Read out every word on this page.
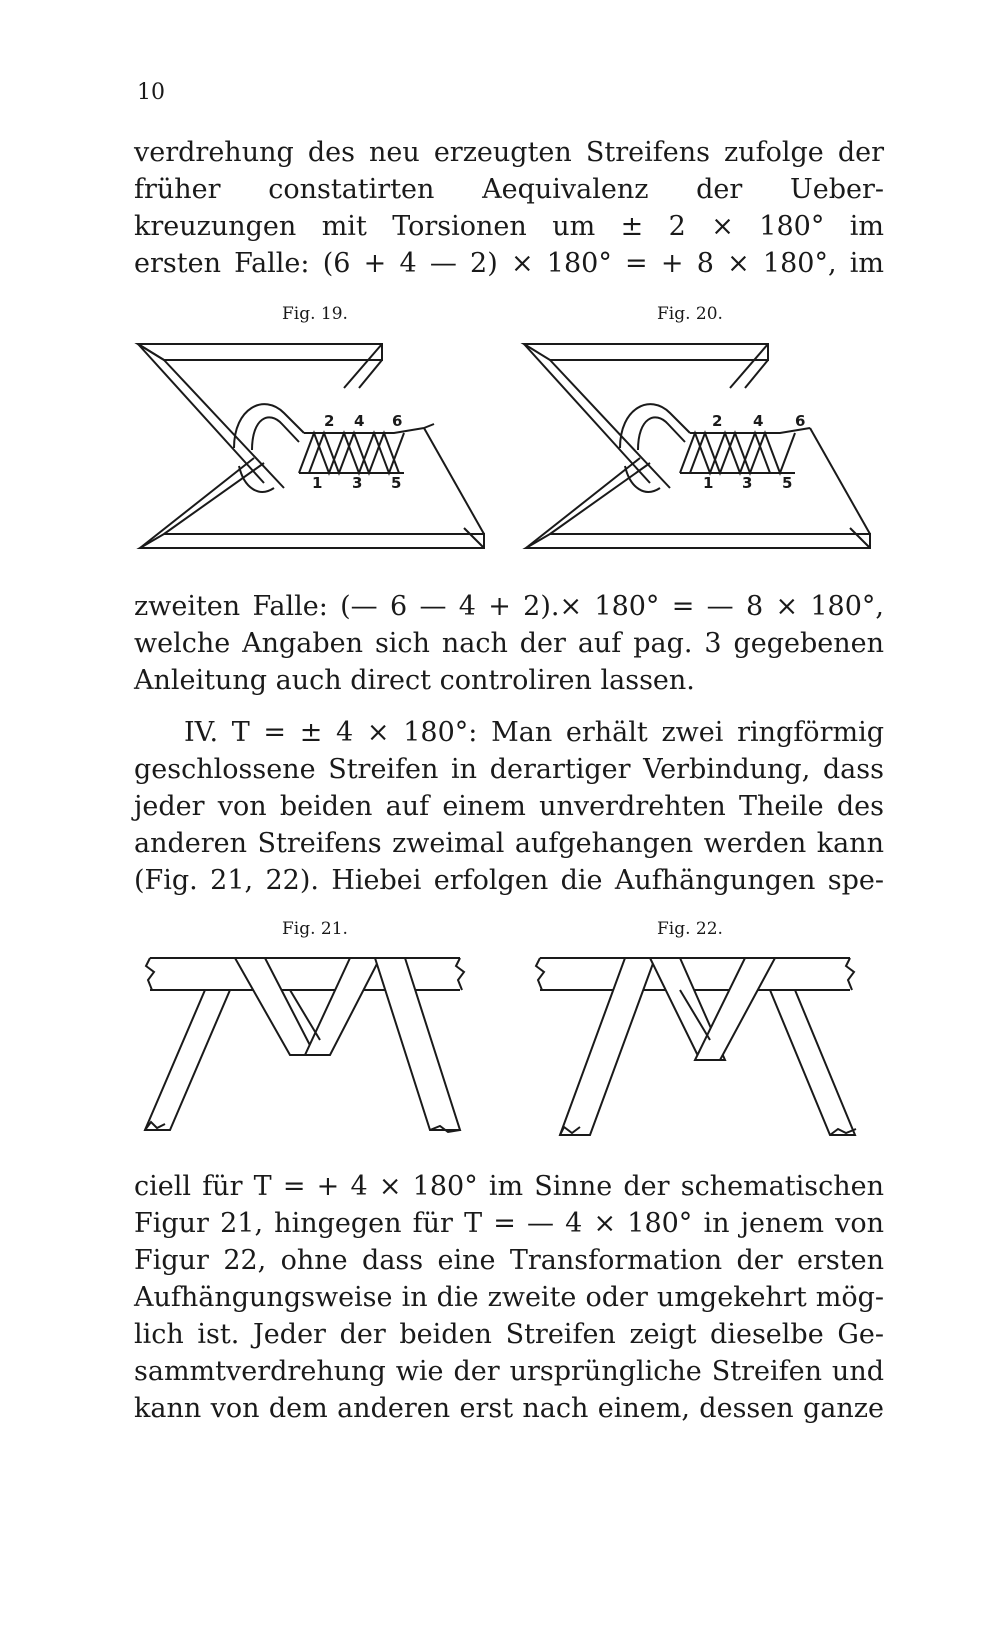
10
verdrehung des neu erzeugten Streifens zufolge der
früher constatirten Aequivalenz der Ueber-
kreuzungen mit Torsionen um ± 2 × 180° im
ersten Falle: (6 + 4 — 2) × 180° = + 8 × 180°, im
Fig. 19.	Fig. 20.
2 4 6
1 3 5
2 4 6
1 3 5
zweiten Falle: (— 6 — 4 + 2).× 180° = — 8 × 180°,
welche Angaben sich nach der auf pag. 3 gegebenen
Anleitung auch direct controliren lassen.
IV. T = ± 4 × 180°: Man erhält zwei ringförmig
geschlossene Streifen in derartiger Verbindung, dass
jeder von beiden auf einem unverdrehten Theile des
anderen Streifens zweimal aufgehangen werden kann
(Fig. 21, 22). Hiebei erfolgen die Aufhängungen spe-
Fig. 21.	Fig. 22.
ciell für T = + 4 × 180° im Sinne der schematischen
Figur 21, hingegen für T = — 4 × 180° in jenem von
Figur 22, ohne dass eine Transformation der ersten
Aufhängungsweise in die zweite oder umgekehrt mög-
lich ist. Jeder der beiden Streifen zeigt dieselbe Ge-
sammtverdrehung wie der ursprüngliche Streifen und
kann von dem anderen erst nach einem, dessen ganze
